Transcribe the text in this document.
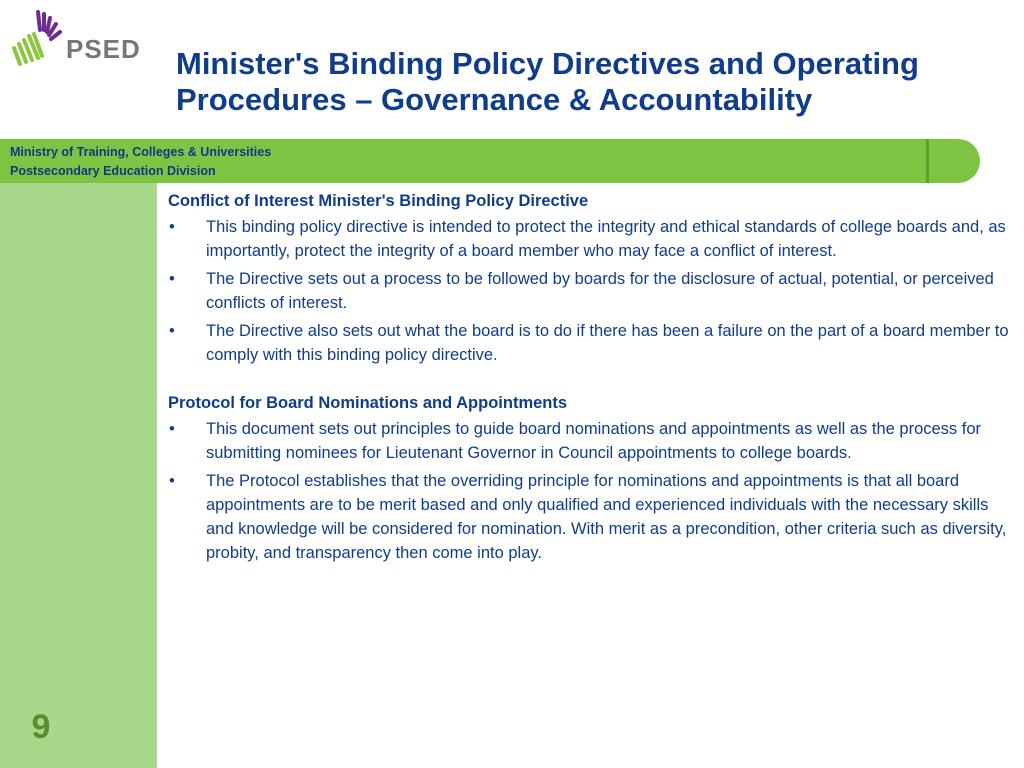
PSED Minister's Binding Policy Directives and Operating Procedures – Governance & Accountability
Ministry of Training, Colleges & Universities
Postsecondary Education Division
9
Conflict of Interest Minister's Binding Policy Directive
• This binding policy directive is intended to protect the integrity and ethical standards of college boards and, as importantly, protect the integrity of a board member who may face a conflict of interest.
• The Directive sets out a process to be followed by boards for the disclosure of actual, potential, or perceived conflicts of interest.
• The Directive also sets out what the board is to do if there has been a failure on the part of a board member to comply with this binding policy directive.
Protocol for Board Nominations and Appointments
• This document sets out principles to guide board nominations and appointments as well as the process for submitting nominees for Lieutenant Governor in Council appointments to college boards.
• The Protocol establishes that the overriding principle for nominations and appointments is that all board appointments are to be merit based and only qualified and experienced individuals with the necessary skills and knowledge will be considered for nomination. With merit as a precondition, other criteria such as diversity, probity, and transparency then come into play.
